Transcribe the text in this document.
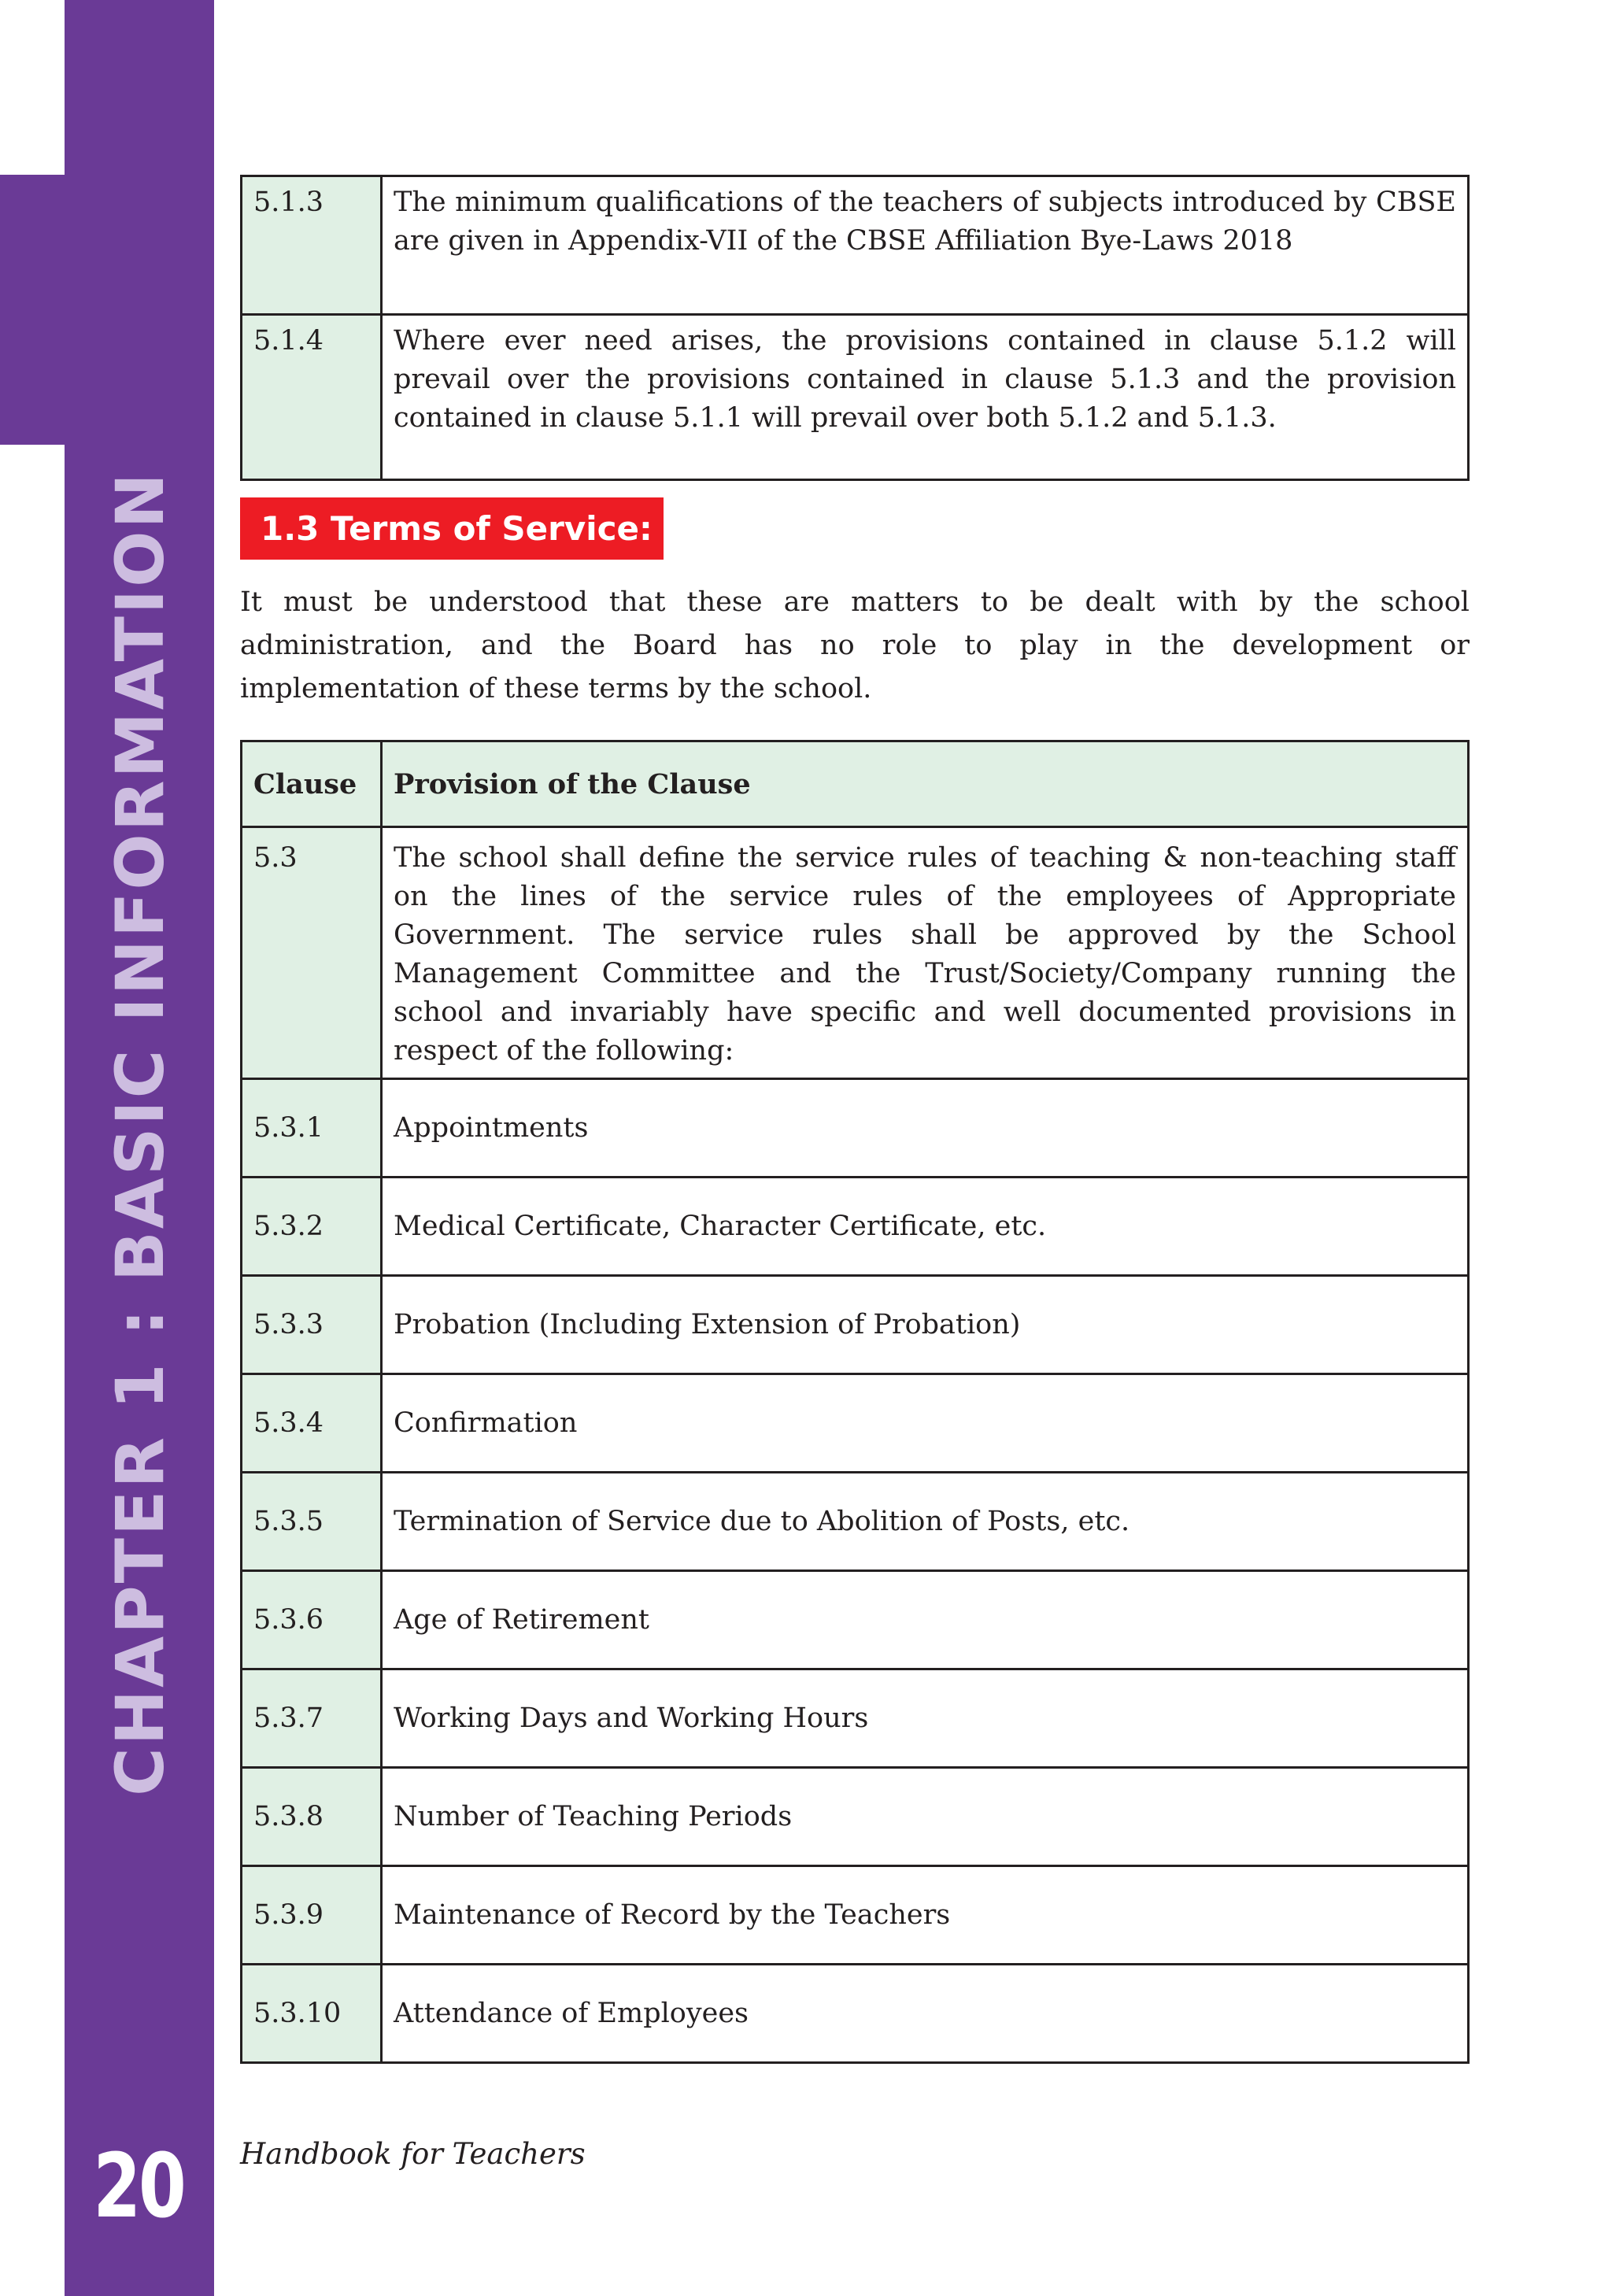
CHAPTER 1 : BASIC INFORMATION
20
5.1.3	The minimum qualifications of the teachers of subjects introduced by CBSE are given in Appendix-VII of the CBSE Affiliation Bye-Laws 2018
5.1.4	Where ever need arises, the provisions contained in clause 5.1.2 will prevail over the provisions contained in clause 5.1.3 and the provision contained in clause 5.1.1 will prevail over both 5.1.2 and 5.1.3.
1.3 Terms of Service:

It must be understood that these are matters to be dealt with by the school administration, and the Board has no role to play in the development or implementation of these terms by the school.

Clause	Provision of the Clause
5.3	The school shall define the service rules of teaching & non-teaching staff on the lines of the service rules of the employees of Appropriate Government. The service rules shall be approved by the School Management Committee and the Trust/Society/Company running the school and invariably have specific and well documented provisions in respect of the following:
5.3.1	Appointments
5.3.2	Medical Certificate, Character Certificate, etc.
5.3.3	Probation (Including Extension of Probation)
5.3.4	Confirmation
5.3.5	Termination of Service due to Abolition of Posts, etc.
5.3.6	Age of Retirement
5.3.7	Working Days and Working Hours
5.3.8	Number of Teaching Periods
5.3.9	Maintenance of Record by the Teachers
5.3.10	Attendance of Employees
Handbook for Teachers
